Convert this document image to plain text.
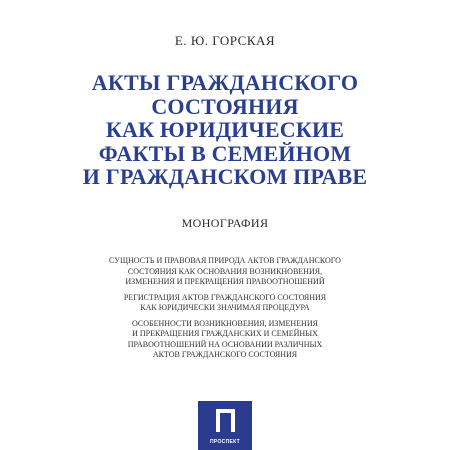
Е. Ю. ГОРСКАЯ
АКТЫ ГРАЖДАНСКОГО
СОСТОЯНИЯ
КАК ЮРИДИЧЕСКИЕ
ФАКТЫ В СЕМЕЙНОМ
И ГРАЖДАНСКОМ ПРАВЕ
МОНОГРАФИЯ
СУЩНОСТЬ И ПРАВОВАЯ ПРИРОДА АКТОВ ГРАЖДАНСКОГО
СОСТОЯНИЯ КАК ОСНОВАНИЯ ВОЗНИКНОВЕНИЯ,
ИЗМЕНЕНИЯ И ПРЕКРАЩЕНИЯ ПРАВООТНОШЕНИЙ
РЕГИСТРАЦИЯ АКТОВ ГРАЖДАНСКОГО СОСТОЯНИЯ
КАК ЮРИДИЧЕСКИ ЗНАЧИМАЯ ПРОЦЕДУРА
ОСОБЕННОСТИ ВОЗНИКНОВЕНИЯ, ИЗМЕНЕНИЯ
И ПРЕКРАЩЕНИЯ ГРАЖДАНСКИХ И СЕМЕЙНЫХ
ПРАВООТНОШЕНИЙ НА ОСНОВАНИИ РАЗЛИЧНЫХ
АКТОВ ГРАЖДАНСКОГО СОСТОЯНИЯ
ПРОСПЕКТ
